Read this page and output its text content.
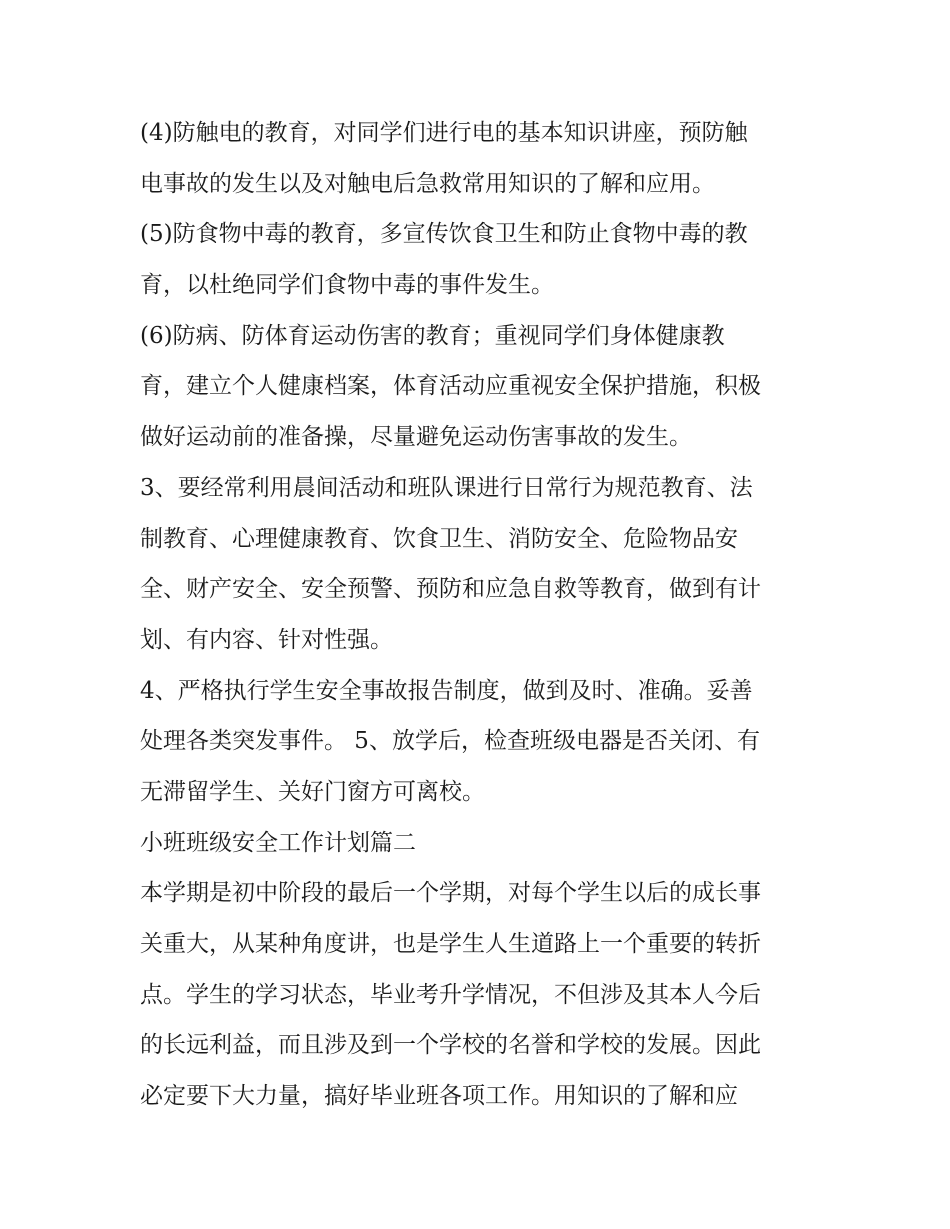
(4)防触电的教育，对同学们进行电的基本知识讲座，预防触
电事故的发生以及对触电后急救常用知识的了解和应用。
(5)防食物中毒的教育，多宣传饮食卫生和防止食物中毒的教
育，以杜绝同学们食物中毒的事件发生。
(6)防病、防体育运动伤害的教育；重视同学们身体健康教
育，建立个人健康档案，体育活动应重视安全保护措施，积极
做好运动前的准备操，尽量避免运动伤害事故的发生。
3、要经常利用晨间活动和班队课进行日常行为规范教育、法
制教育、心理健康教育、饮食卫生、消防安全、危险物品安
全、财产安全、安全预警、预防和应急自救等教育，做到有计
划、有内容、针对性强。
4、严格执行学生安全事故报告制度，做到及时、准确。妥善
处理各类突发事件。 5、放学后，检查班级电器是否关闭、有
无滞留学生、关好门窗方可离校。
小班班级安全工作计划篇二
本学期是初中阶段的最后一个学期，对每个学生以后的成长事
关重大，从某种角度讲，也是学生人生道路上一个重要的转折
点。学生的学习状态，毕业考升学情况，不但涉及其本人今后
的长远利益，而且涉及到一个学校的名誉和学校的发展。因此
必定要下大力量，搞好毕业班各项工作。用知识的了解和应
